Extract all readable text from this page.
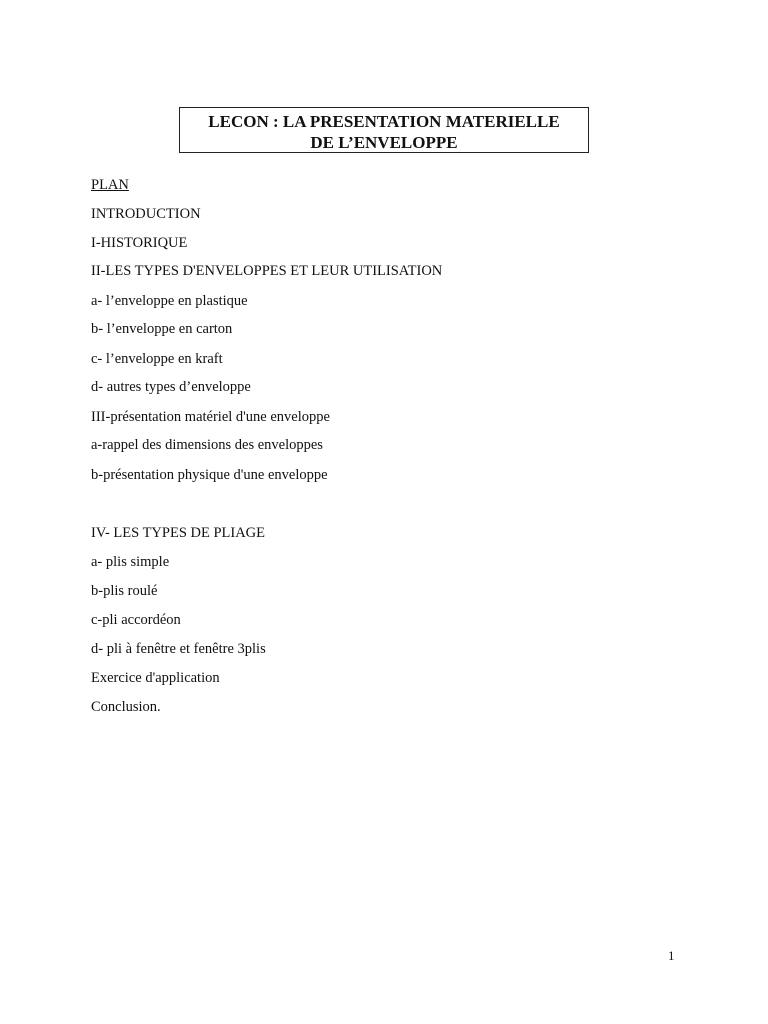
LECON : LA PRESENTATION MATERIELLE
DE L’ENVELOPPE
PLAN
INTRODUCTION
I-HISTORIQUE
II-LES TYPES D'ENVELOPPES ET LEUR UTILISATION
a- l’enveloppe en plastique
b- l’enveloppe en carton
c- l’enveloppe en kraft
d- autres types d’enveloppe
III-présentation matériel d'une enveloppe
a-rappel des dimensions des enveloppes
b-présentation physique d'une enveloppe
IV- LES TYPES DE PLIAGE
a- plis simple
b-plis roulé
c-pli accordéon
d- pli à fenêtre et fenêtre 3plis
Exercice d'application
Conclusion.
1
